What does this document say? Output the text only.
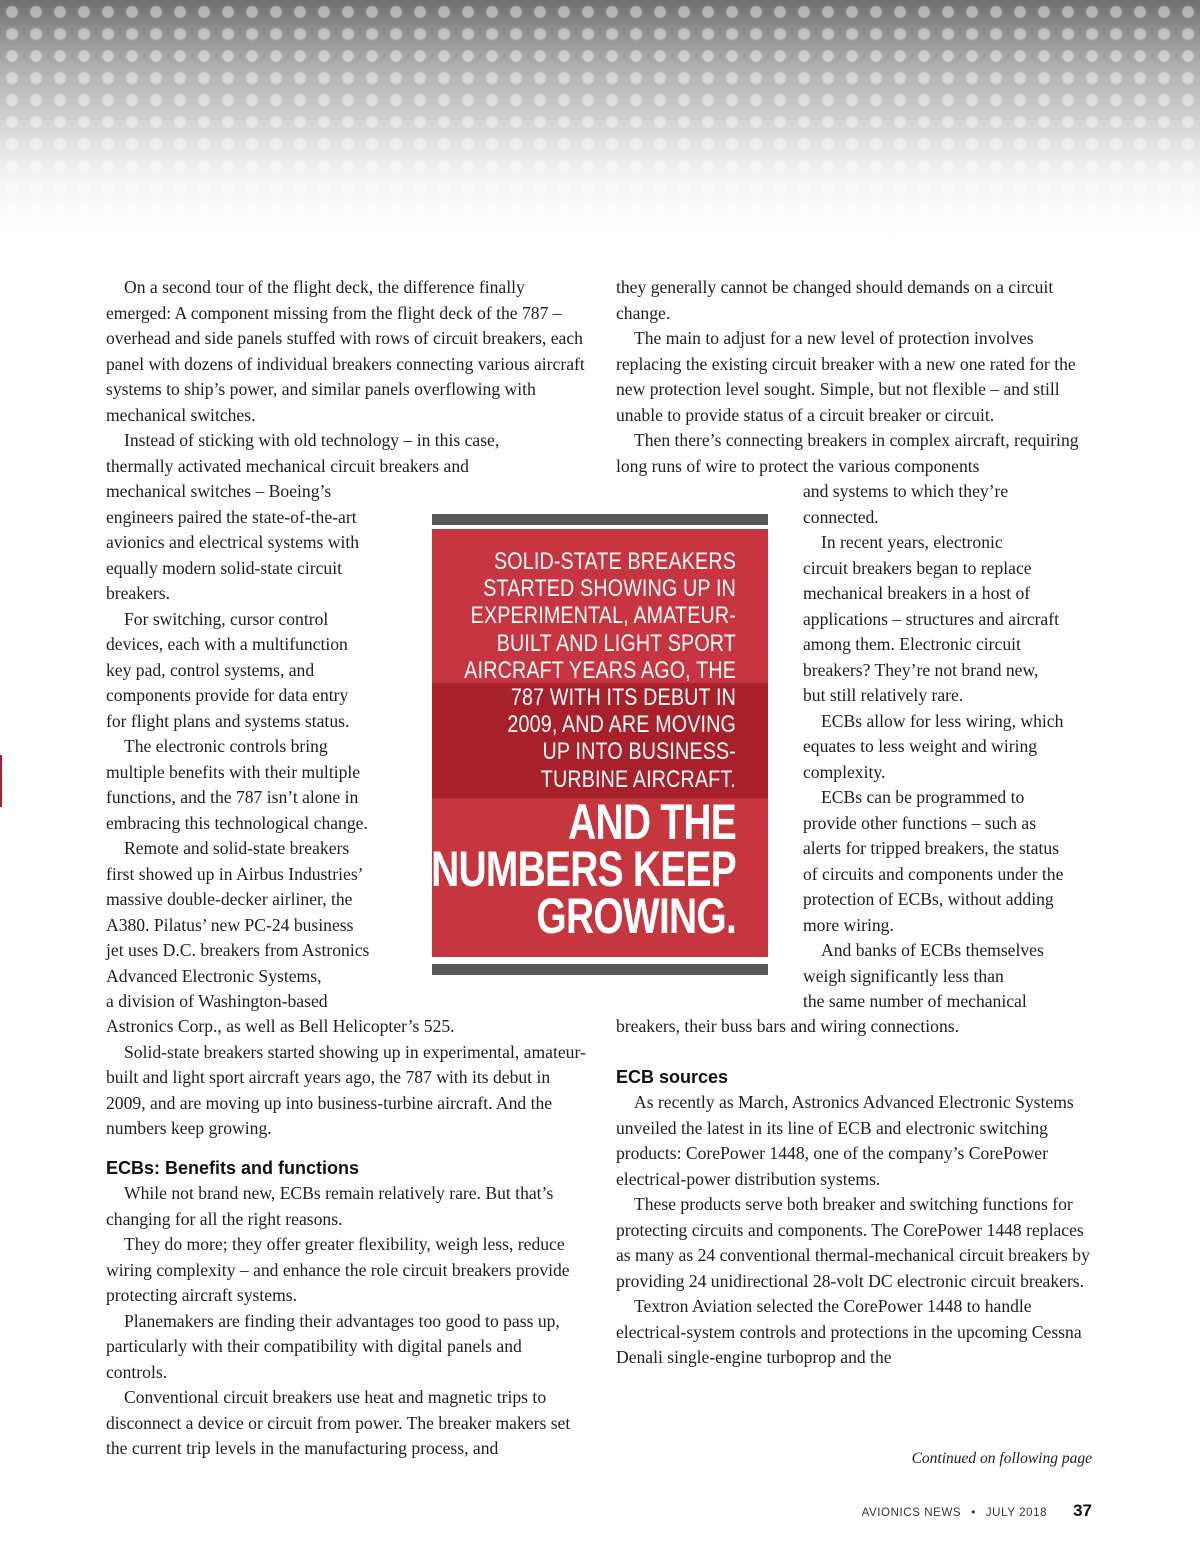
On a second tour of the flight deck, the difference finally emerged: A component missing from the flight deck of the 787 – overhead and side panels stuffed with rows of circuit breakers, each panel with dozens of individual breakers connecting various aircraft systems to ship’s power, and similar panels overflowing with mechanical switches.

Instead of sticking with old technology – in this case, thermally activated mechanical circuit breakers and

mechanical switches – Boeing’s
engineers paired the state-of-the-art
avionics and electrical systems with
equally modern solid-state circuit
breakers.
For switching, cursor control
devices, each with a multifunction
key pad, control systems, and
components provide for data entry
for flight plans and systems status.
The electronic controls bring
multiple benefits with their multiple
functions, and the 787 isn’t alone in
embracing this technological change.
Remote and solid-state breakers
first showed up in Airbus Industries’
massive double-decker airliner, the
A380. Pilatus’ new PC-24 business
jet uses D.C. breakers from Astronics
Advanced Electronic Systems,
a division of Washington-based

Astronics Corp., as well as Bell Helicopter’s 525.

Solid-state breakers started showing up in experimental, amateur-built and light sport aircraft years ago, the 787 with its debut in 2009, and are moving up into business-turbine aircraft. And the numbers keep growing.

ECBs: Benefits and functions

While not brand new, ECBs remain relatively rare. But that’s changing for all the right reasons.

They do more; they offer greater flexibility, weigh less, reduce wiring complexity – and enhance the role circuit breakers provide protecting aircraft systems.

Planemakers are finding their advantages too good to pass up, particularly with their compatibility with digital panels and controls.

Conventional circuit breakers use heat and magnetic trips to disconnect a device or circuit from power. The breaker makers set the current trip levels in the manufacturing process, and

they generally cannot be changed should demands on a circuit change.

The main to adjust for a new level of protection involves replacing the existing circuit breaker with a new one rated for the new protection level sought. Simple, but not flexible – and still unable to provide status of a circuit breaker or circuit.

Then there’s connecting breakers in complex aircraft, requiring long runs of wire to protect the various components

and systems to which they’re
connected.
In recent years, electronic
circuit breakers began to replace
mechanical breakers in a host of
applications – structures and aircraft
among them. Electronic circuit
breakers? They’re not brand new,
but still relatively rare.
ECBs allow for less wiring, which
equates to less weight and wiring
complexity.
ECBs can be programmed to
provide other functions – such as
alerts for tripped breakers, the status
of circuits and components under the
protection of ECBs, without adding
more wiring.
And banks of ECBs themselves
weigh significantly less than
the same number of mechanical

breakers, their buss bars and wiring connections.

ECB sources

As recently as March, Astronics Advanced Electronic Systems unveiled the latest in its line of ECB and electronic switching products: CorePower 1448, one of the company’s CorePower electrical-power distribution systems.

These products serve both breaker and switching functions for protecting circuits and components. The CorePower 1448 replaces as many as 24 conventional thermal-mechanical circuit breakers by providing 24 unidirectional 28-volt DC electronic circuit breakers.

Textron Aviation selected the CorePower 1448 to handle electrical-system controls and protections in the upcoming Cessna Denali single-engine turboprop and the

SOLID-STATE BREAKERS
STARTED SHOWING UP IN
EXPERIMENTAL, AMATEUR-
BUILT AND LIGHT SPORT
AIRCRAFT YEARS AGO, THE
787 WITH ITS DEBUT IN
2009, AND ARE MOVING
UP INTO BUSINESS-
TURBINE AIRCRAFT.
AND THE
NUMBERS KEEP
GROWING.
Continued on following page
AVIONICS NEWS • JULY 2018 37
